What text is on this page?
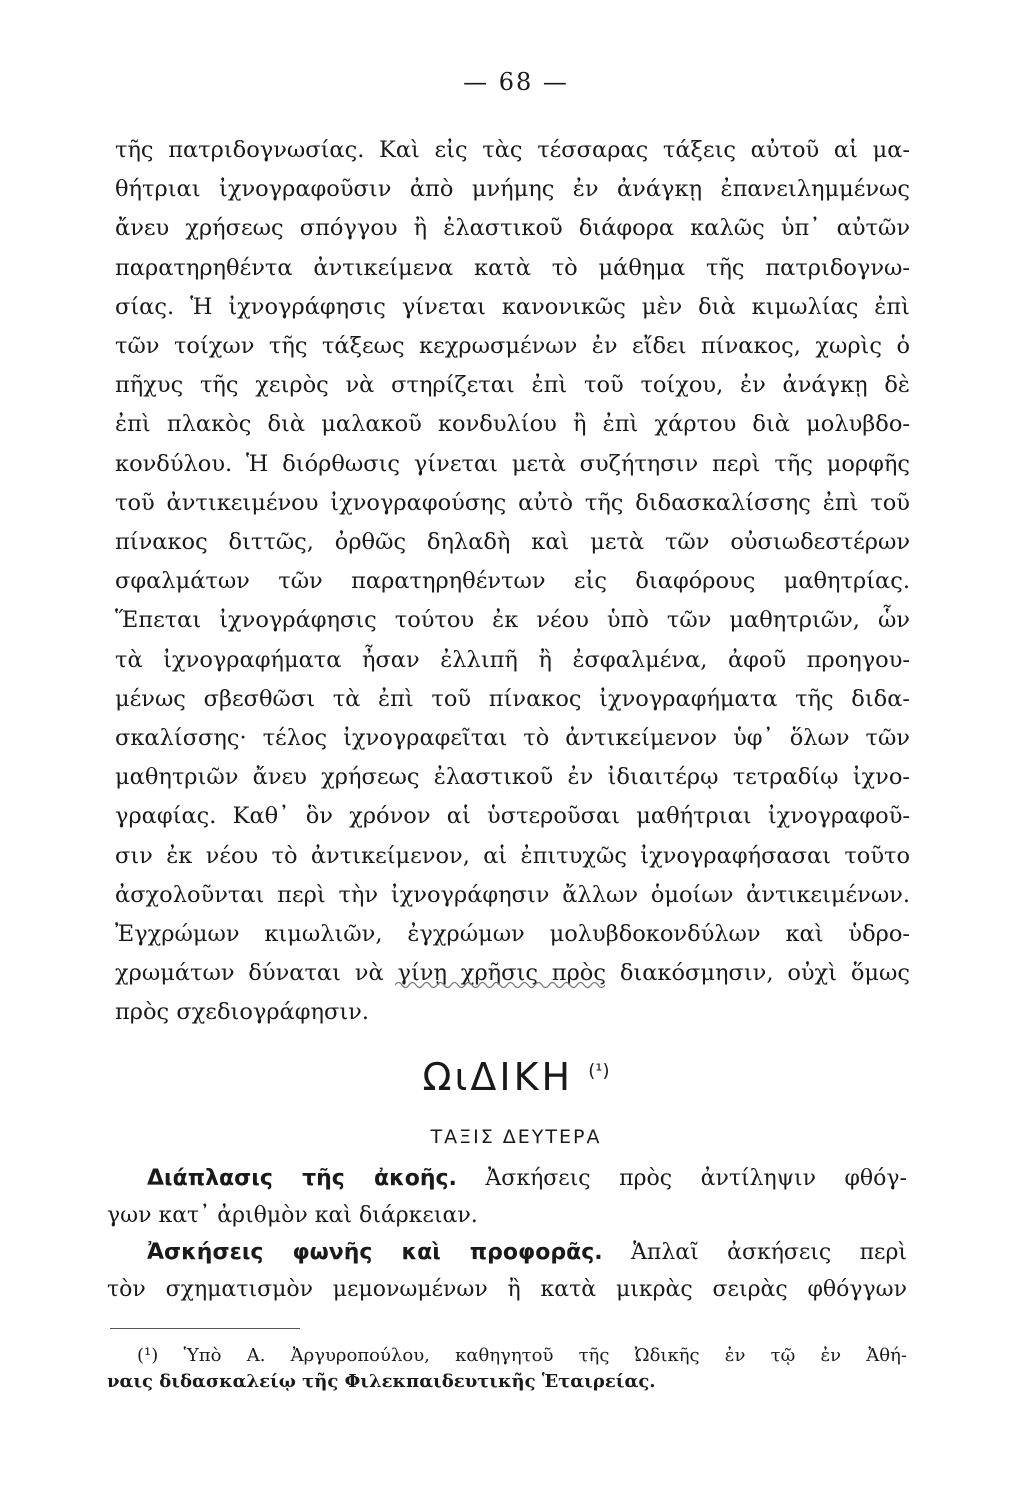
— 68 —
τῆς πατριδογνωσίας. Καὶ εἰς τὰς τέσσαρας τάξεις αὐτοῦ αἱ μα-
θήτριαι ἰχνογραφοῦσιν ἀπὸ μνήμης ἐν ἀνάγκῃ ἐπανειλημμένως
ἄνευ χρήσεως σπόγγου ἢ ἐλαστικοῦ διάφορα καλῶς ὑπ᾽ αὐτῶν
παρατηρηθέντα ἀντικείμενα κατὰ τὸ μάθημα τῆς πατριδογνω-
σίας. Ἡ ἰχνογράφησις γίνεται κανονικῶς μὲν διὰ κιμωλίας ἐπὶ
τῶν τοίχων τῆς τάξεως κεχρωσμένων ἐν εἴδει πίνακος, χωρὶς ὁ
πῆχυς τῆς χειρὸς νὰ στηρίζεται ἐπὶ τοῦ τοίχου, ἐν ἀνάγκῃ δὲ
ἐπὶ πλακὸς διὰ μαλακοῦ κονδυλίου ἢ ἐπὶ χάρτου διὰ μολυβδο-
κονδύλου. Ἡ διόρθωσις γίνεται μετὰ συζήτησιν περὶ τῆς μορφῆς
τοῦ ἀντικειμένου ἰχνογραφούσης αὐτὸ τῆς διδασκαλίσσης ἐπὶ τοῦ
πίνακος διττῶς, ὀρθῶς δηλαδὴ καὶ μετὰ τῶν οὐσιωδεστέρων
σφαλμάτων τῶν παρατηρηθέντων εἰς διαφόρους μαθητρίας.
Ἕπεται ἰχνογράφησις τούτου ἐκ νέου ὑπὸ τῶν μαθητριῶν, ὧν
τὰ ἰχνογραφήματα ἦσαν ἐλλιπῆ ἢ ἐσφαλμένα, ἀφοῦ προηγου-
μένως σβεσθῶσι τὰ ἐπὶ τοῦ πίνακος ἰχνογραφήματα τῆς διδα-
σκαλίσσης· τέλος ἰχνογραφεῖται τὸ ἀντικείμενον ὑφ᾽ ὅλων τῶν
μαθητριῶν ἄνευ χρήσεως ἐλαστικοῦ ἐν ἰδιαιτέρῳ τετραδίῳ ἰχνο-
γραφίας. Καθ᾽ ὃν χρόνον αἱ ὑστεροῦσαι μαθήτριαι ἰχνογραφοῦ-
σιν ἐκ νέου τὸ ἀντικείμενον, αἱ ἐπιτυχῶς ἰχνογραφήσασαι τοῦτο
ἀσχολοῦνται περὶ τὴν ἰχνογράφησιν ἄλλων ὁμοίων ἀντικειμένων.
Ἐγχρώμων κιμωλιῶν, ἐγχρώμων μολυβδοκονδύλων καὶ ὑδρο-
χρωμάτων δύναται νὰ γίνῃ χρῆσις πρὸς διακόσμησιν, οὐχὶ ὅμως
πρὸς σχεδιογράφησιν.
ΩιΔΙΚΗ $^{(^1)}$
ΤΑΞΙΣ ΔΕΥΤΕΡΑ
Διάπλασις τῆς ἀκοῆς. Ἀσκήσεις πρὸς ἀντίληψιν φθόγ-
γων κατ᾽ ἀριθμὸν καὶ διάρκειαν.
Ἀσκήσεις φωνῆς καὶ προφορᾶς. Ἁπλαῖ ἀσκήσεις περὶ
τὸν σχηματισμὸν μεμονωμένων ἢ κατὰ μικρὰς σειρὰς φθόγγων
(¹) Ὑπὸ Α. Ἀργυροπούλου, καθηγητοῦ τῆς Ὠδικῆς ἐν τῷ ἐν Ἀθή-
ναις διδασκαλείῳ τῆς Φιλεκπαιδευτικῆς Ἑταιρείας.
